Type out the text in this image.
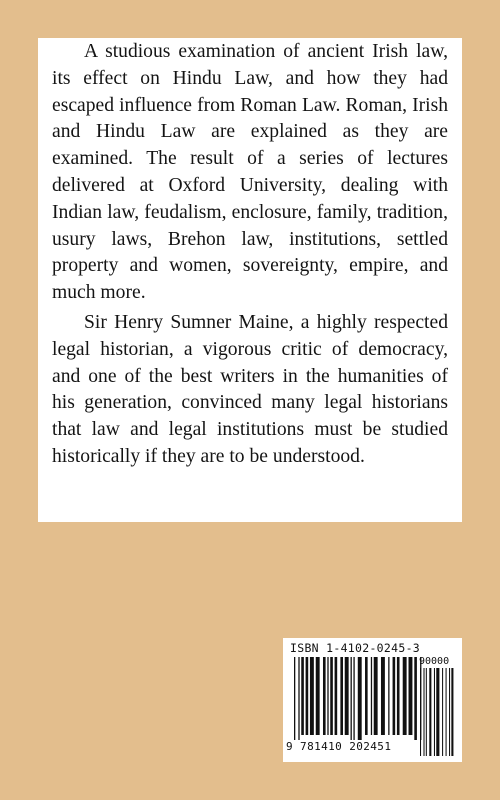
A studious examination of ancient Irish law, its effect on Hindu Law, and how they had escaped influence from Roman Law. Roman, Irish and Hindu Law are explained as they are examined. The result of a series of lectures delivered at Oxford University, dealing with Indian law, feudalism, enclosure, family, tradition, usury laws, Brehon law, institutions, settled property and women, sovereignty, empire, and much more.

Sir Henry Sumner Maine, a highly respected legal historian, a vigorous critic of democracy, and one of the best writers in the humanities of his generation, convinced many legal historians that law and legal institutions must be studied historically if they are to be understood.

ISBN 1-4102-0245-3
90000
9 781410 202451
